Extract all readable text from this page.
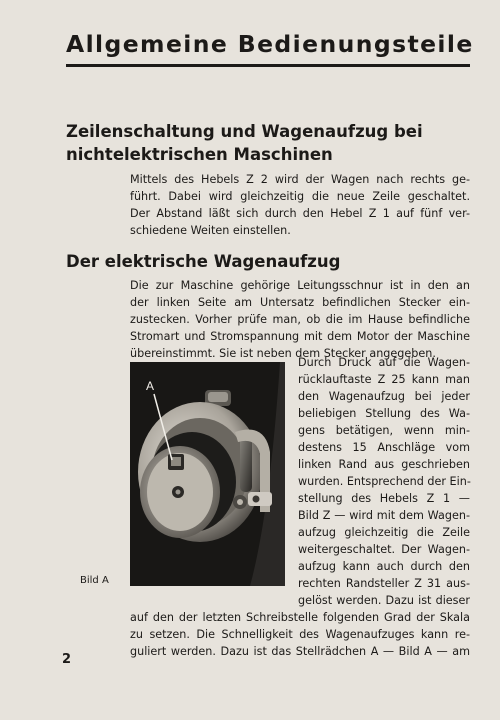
Allgemeine Bedienungsteile
Zeilenschaltung und Wagenaufzug bei
nichtelektrischen Maschinen
Mittels des Hebels Z 2 wird der Wagen nach rechts ge-
führt. Dabei wird gleichzeitig die neue Zeile geschaltet.
Der Abstand läßt sich durch den Hebel Z 1 auf fünf ver-
schiedene Weiten einstellen.
Der elektrische Wagenaufzug
Die zur Maschine gehörige Leitungsschnur ist in den an
der linken Seite am Untersatz befindlichen Stecker ein-
zustecken. Vorher prüfe man, ob die im Hause befindliche
Stromart und Stromspannung mit dem Motor der Maschine
übereinstimmt. Sie ist neben dem Stecker angegeben.
Durch Druck auf die Wagen-
rücklauftaste Z 25 kann man
den Wagenaufzug bei jeder
beliebigen Stellung des Wa-
gens betätigen, wenn min-
destens 15 Anschläge vom
linken Rand aus geschrieben
wurden. Entsprechend der Ein-
stellung des Hebels Z 1 —
Bild Z — wird mit dem Wagen-
aufzug gleichzeitig die Zeile
weitergeschaltet. Der Wagen-
aufzug kann auch durch den
rechten Randsteller Z 31 aus-
gelöst werden. Dazu ist dieser
auf den der letzten Schreibstelle folgenden Grad der Skala
zu setzen. Die Schnelligkeit des Wagenaufzuges kann re-
guliert werden. Dazu ist das Stellrädchen A — Bild A — am
A
Bild A
2
